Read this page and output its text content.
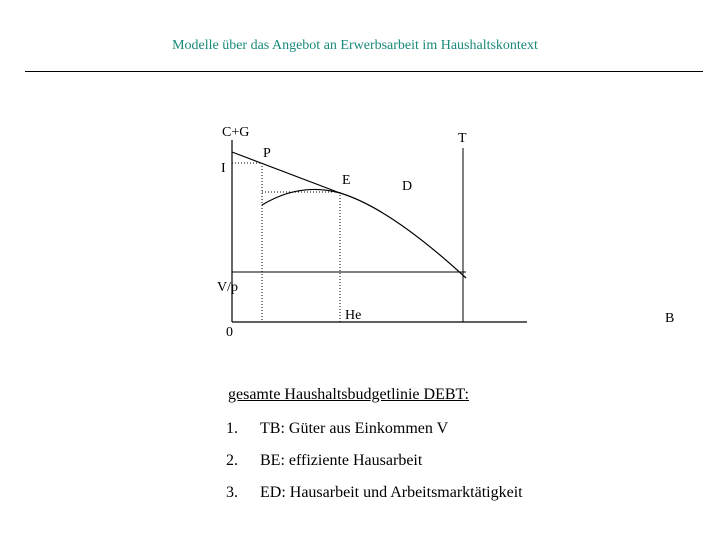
Modelle über das Angebot an Erwerbsarbeit im Haushaltskontext
C+G
I
P
T
E	D
V/p
0
He	B
gesamte Haushaltsbudgetlinie DEBT:
1. TB: Güter aus Einkommen V
2. BE: effiziente Hausarbeit
3. ED: Hausarbeit und Arbeitsmarktätigkeit
